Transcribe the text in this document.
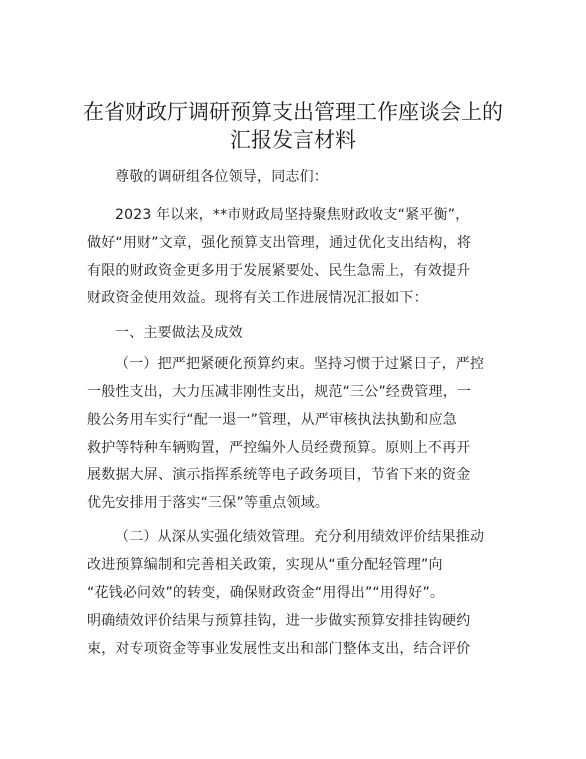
在省财政厅调研预算支出管理工作座谈会上的
汇报发言材料
尊敬的调研组各位领导，同志们：
2023 年以来，**市财政局坚持聚焦财政收支“紧平衡”，
做好“用财”文章，强化预算支出管理，通过优化支出结构，将
有限的财政资金更多用于发展紧要处、民生急需上，有效提升
财政资金使用效益。现将有关工作进展情况汇报如下：
一、主要做法及成效
（一）把严把紧硬化预算约束。坚持习惯于过紧日子，严控
一般性支出，大力压减非刚性支出，规范“三公”经费管理，一
般公务用车实行“配一退一”管理，从严审核执法执勤和应急
救护等特种车辆购置，严控编外人员经费预算。原则上不再开
展数据大屏、演示指挥系统等电子政务项目，节省下来的资金
优先安排用于落实“三保”等重点领域。
（二）从深从实强化绩效管理。充分利用绩效评价结果推动
改进预算编制和完善相关政策，实现从“重分配轻管理”向
“花钱必问效”的转变，确保财政资金“用得出”“用得好”。
明确绩效评价结果与预算挂钩，进一步做实预算安排挂钩硬约
束，对专项资金等事业发展性支出和部门整体支出，结合评价
